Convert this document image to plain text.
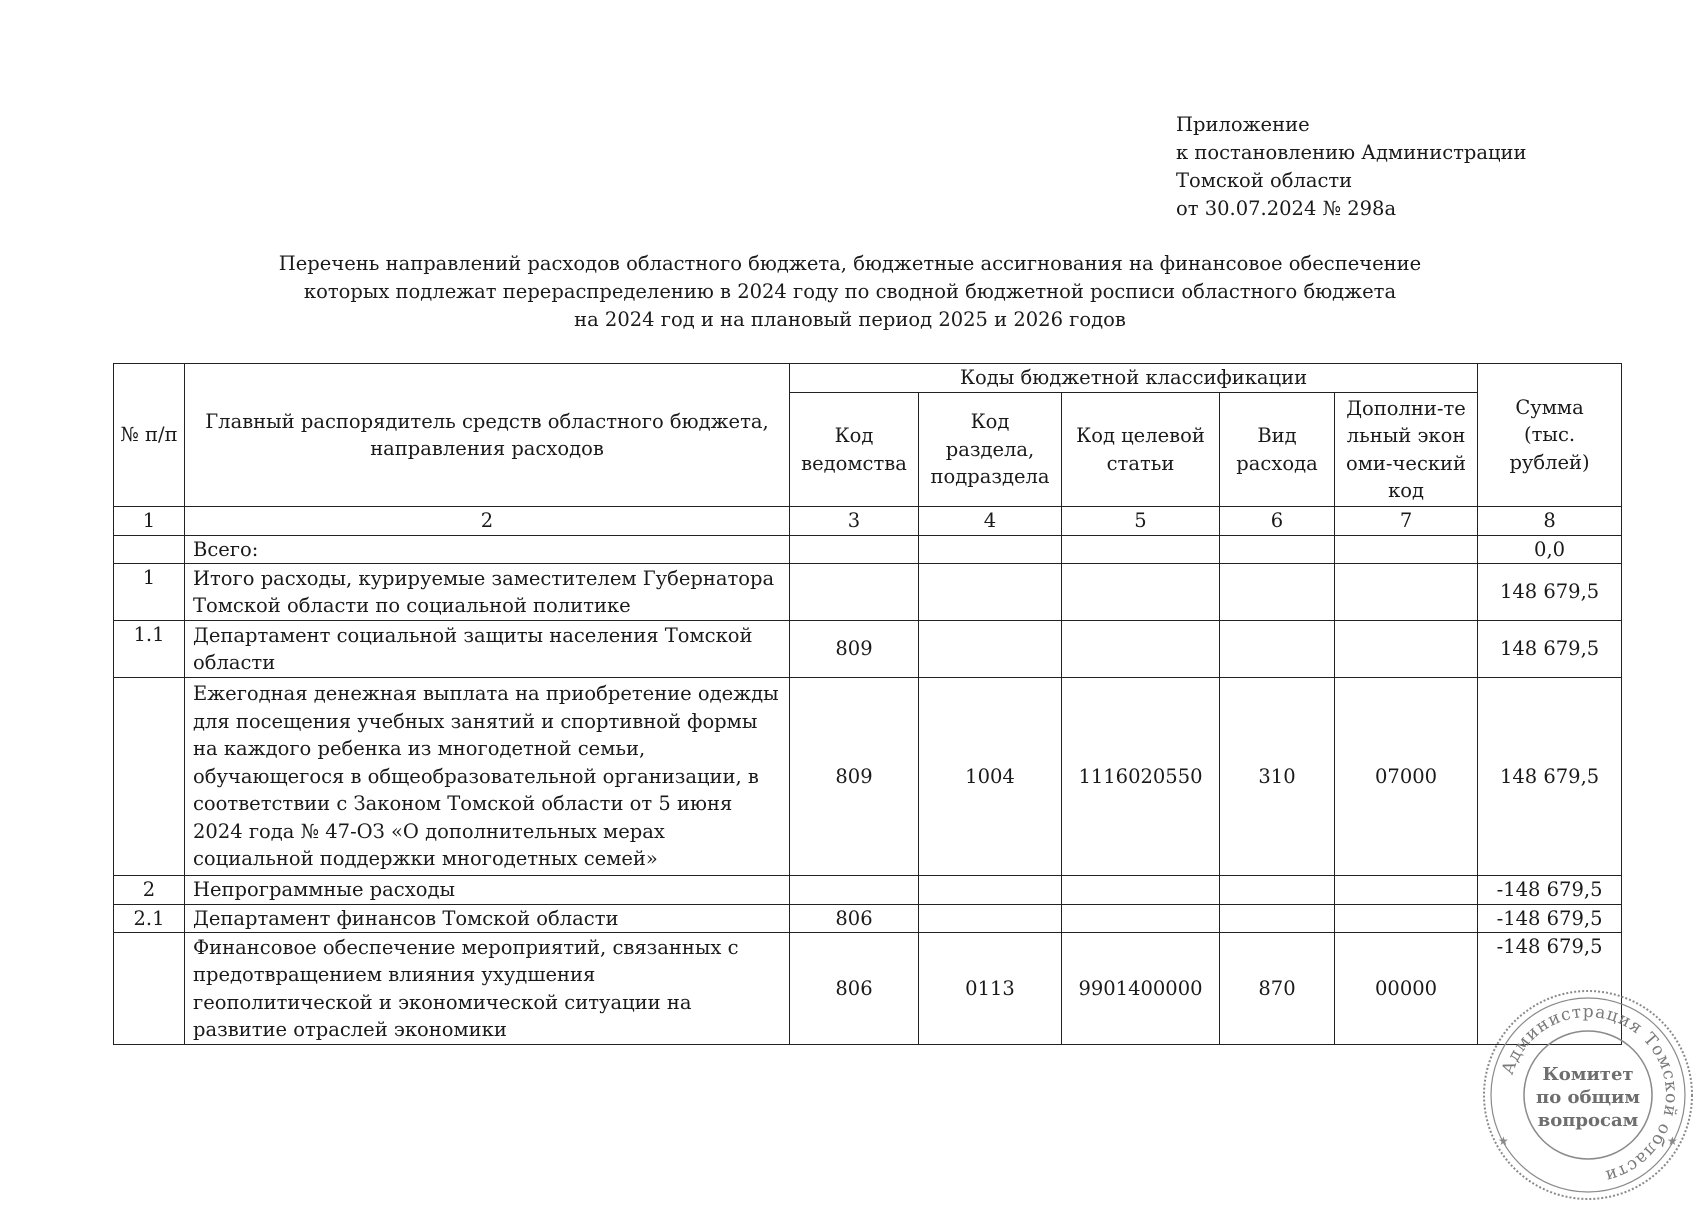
Приложение
к постановлению Администрации
Томской области
от 30.07.2024 № 298а
Перечень направлений расходов областного бюджета, бюджетные ассигнования на финансовое обеспечение
которых подлежат перераспределению в 2024 году по сводной бюджетной росписи областного бюджета
на 2024 год и на плановый период 2025 и 2026 годов
№ п/п	Главный распорядитель средств областного бюджета, направления расходов	Коды бюджетной классификации					Сумма (тыс. рублей)
		Код ведомства	Код раздела, подраздела	Код целевой статьи	Вид расхода	Дополни-тельный экономи-ческий код	
1	2	3	4	5	6	7	8
	Всего:						0,0
1	Итого расходы, курируемые заместителем Губернатора Томской области по социальной политике						148 679,5
1.1	Департамент социальной защиты населения Томской области	809					148 679,5
	Ежегодная денежная выплата на приобретение одежды для посещения учебных занятий и спортивной формы на каждого ребенка из многодетной семьи, обучающегося в общеобразовательной организации, в соответствии с Законом Томской области от 5 июня 2024 года № 47-ОЗ «О дополнительных мерах социальной поддержки многодетных семей»	809	1004	1116020550	310	07000	148 679,5
2	Непрограммные расходы						-148 679,5
2.1	Департамент финансов Томской области	806					-148 679,5
	Финансовое обеспечение мероприятий, связанных с предотвращением влияния ухудшения геополитической и экономической ситуации на развитие отраслей экономики	806	0113	9901400000	870	00000	-148 679,5
Администрация Томской области
Комитет
по общим
вопросам
★	★
